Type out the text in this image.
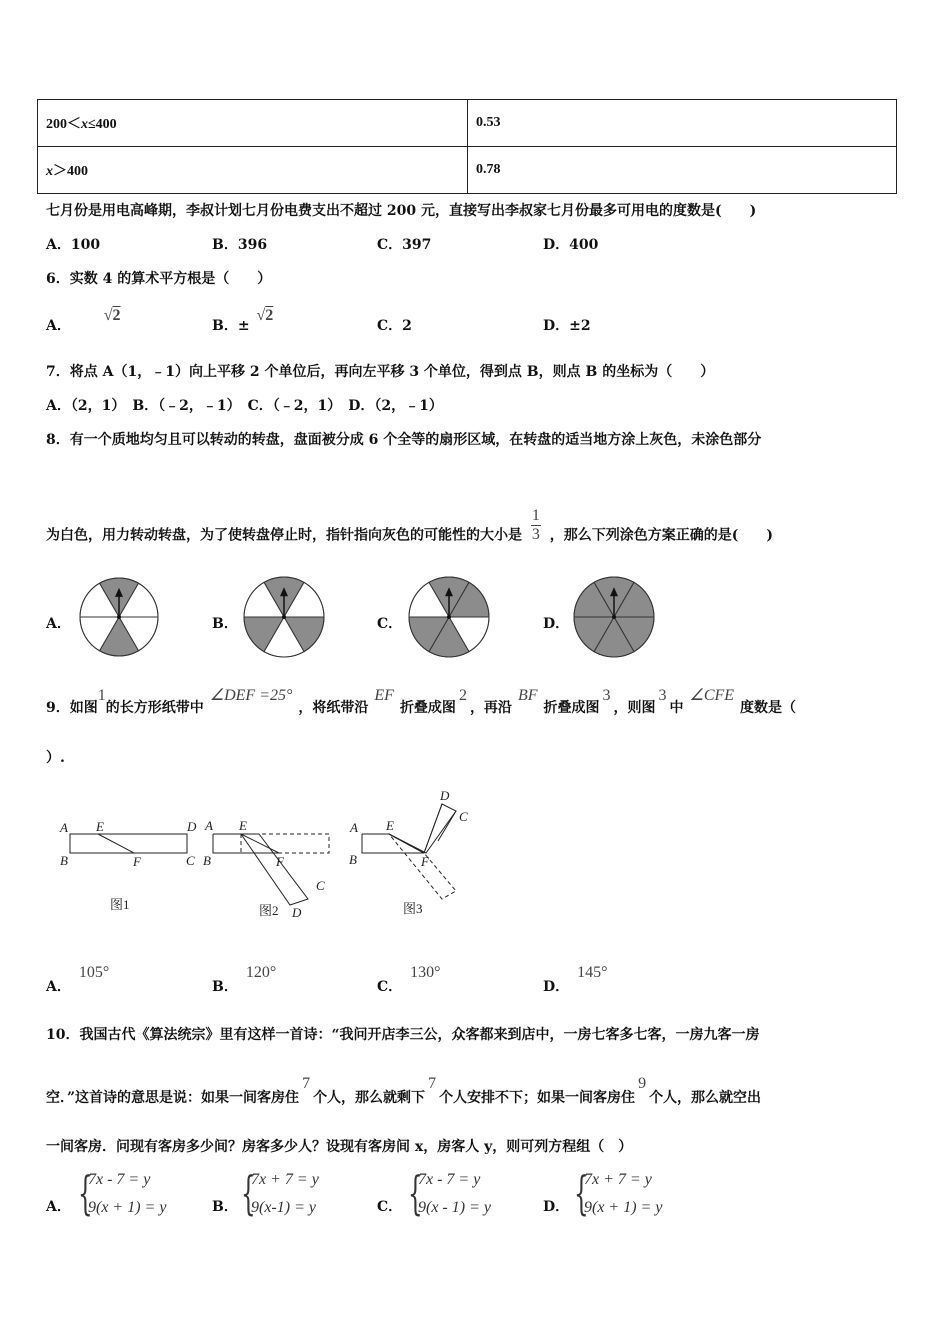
200＜x≤400	0.53
x＞400	0.78
七月份是用电高峰期，李叔计划七月份电费支出不超过 200 元，直接写出李叔家七月份最多可用电的度数是(　　)
A．100	B．396	C．397	D．400
6．实数 4 的算术平方根是（　　）
A． √2
B．± √2
C．2	D．±2
7．将点 A（1，﹣1）向上平移 2 个单位后，再向左平移 3 个单位，得到点 B，则点 B 的坐标为（　　）
A．（2，1）　B．（﹣2，﹣1）　C．（﹣2，1）　D．（2，﹣1）
8．有一个质地均匀且可以转动的转盘，盘面被分成 6 个全等的扇形区域，在转盘的适当地方涂上灰色，未涂色部分
为白色，用力转动转盘，为了使转盘停止时，指针指向灰色的可能性的大小是 $\frac{1}{3}$ ，那么下列涂色方案正确的是(　　)
A．	B．	C．	D．
9．如图1的长方形纸带中∠DEF =25°，将纸带沿EF折叠成图2，再沿BF折叠成图3，则图3中∠CFE度数是（
）.
A E	D
B	F	C
图1
A E
B	F
C
D
图2
A E
B	F
D
C
图3
A．105°
B．120°
C．130°
D．145°
10．我国古代《算法统宗》里有这样一首诗：“我问开店李三公，众客都来到店中，一房七客多七客，一房九客一房
空．”这首诗的意思是说：如果一间客房住7个人，那么就剩下7个人安排不下；如果一间客房住9个人，那么就空出
一间客房．问现有客房多少间？房客多少人？设现有客房间 x，房客人 y，则可列方程组（　）
A．	B．	C．	D．
{
7x - 7 = y
9(x + 1) = y {
7x + 7 = y
9(x-1) = y {
7x - 7 = y
9(x - 1) = y {
7x + 7 = y
9(x + 1) = y
